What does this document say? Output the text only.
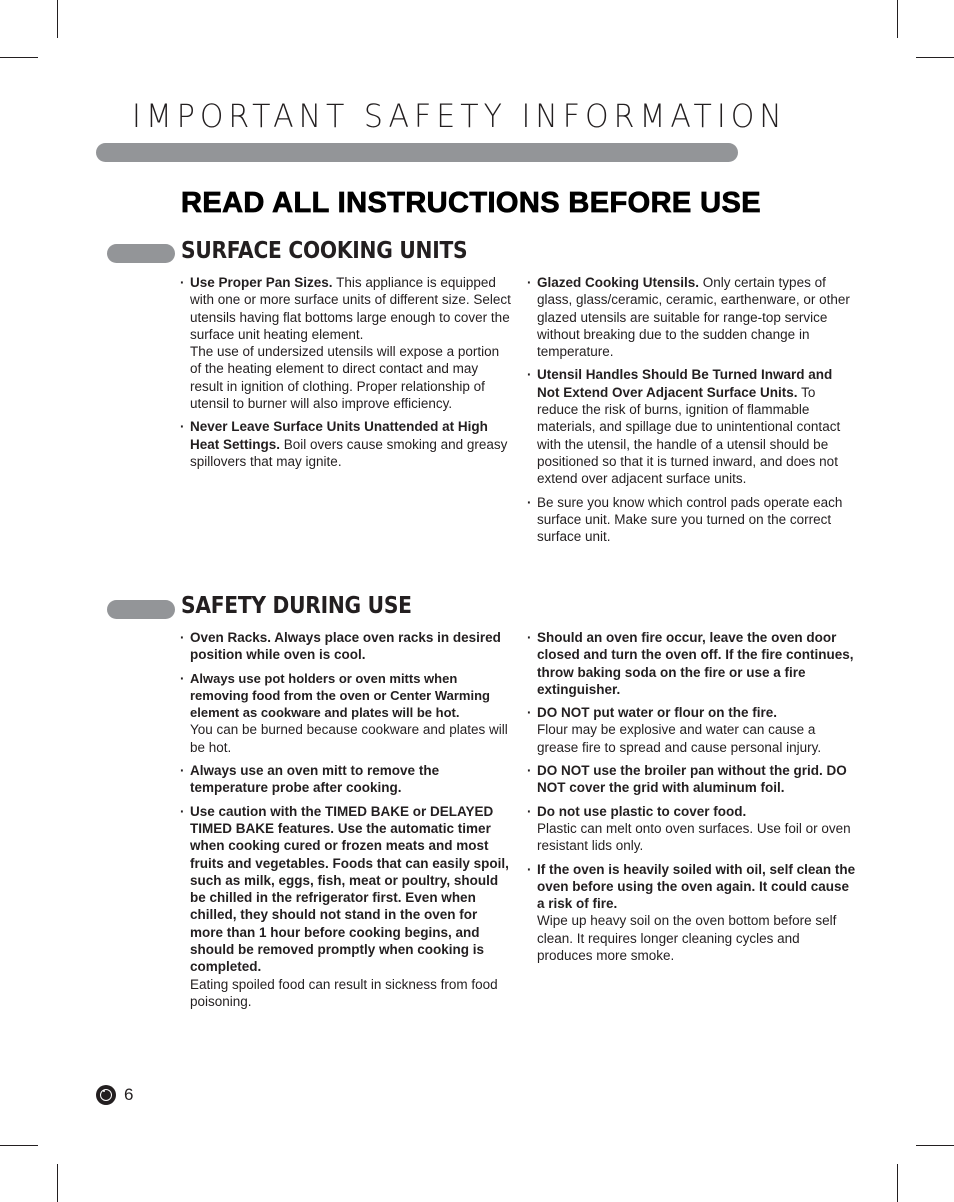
IMPORTANT SAFETY INFORMATION
READ ALL INSTRUCTIONS BEFORE USE
SURFACE COOKING UNITS
· Use Proper Pan Sizes. This appliance is equipped with one or more surface units of different size. Select utensils having flat bottoms large enough to cover the surface unit heating element.
The use of undersized utensils will expose a portion of the heating element to direct contact and may result in ignition of clothing. Proper relationship of utensil to burner will also improve efficiency.
· Never Leave Surface Units Unattended at High Heat Settings. Boil overs cause smoking and greasy spillovers that may ignite.
· Glazed Cooking Utensils. Only certain types of glass, glass/ceramic, ceramic, earthenware, or other glazed utensils are suitable for range-top service without breaking due to the sudden change in temperature.
· Utensil Handles Should Be Turned Inward and Not Extend Over Adjacent Surface Units. To reduce the risk of burns, ignition of flammable materials, and spillage due to unintentional contact with the utensil, the handle of a utensil should be positioned so that it is turned inward, and does not extend over adjacent surface units.
· Be sure you know which control pads operate each surface unit. Make sure you turned on the correct surface unit.
SAFETY DURING USE
· Oven Racks. Always place oven racks in desired position while oven is cool.
· Always use pot holders or oven mitts when removing food from the oven or Center Warming element as cookware and plates will be hot.
You can be burned because cookware and plates will be hot.
· Always use an oven mitt to remove the temperature probe after cooking.
· Use caution with the TIMED BAKE or DELAYED TIMED BAKE features. Use the automatic timer when cooking cured or frozen meats and most fruits and vegetables. Foods that can easily spoil, such as milk, eggs, fish, meat or poultry, should be chilled in the refrigerator first. Even when chilled, they should not stand in the oven for more than 1 hour before cooking begins, and should be removed promptly when cooking is completed.
Eating spoiled food can result in sickness from food poisoning.
· Should an oven fire occur, leave the oven door closed and turn the oven off. If the fire continues, throw baking soda on the fire or use a fire extinguisher.
· DO NOT put water or flour on the fire.
Flour may be explosive and water can cause a grease fire to spread and cause personal injury.
· DO NOT use the broiler pan without the grid. DO NOT cover the grid with aluminum foil.
· Do not use plastic to cover food.
Plastic can melt onto oven surfaces. Use foil or oven resistant lids only.
· If the oven is heavily soiled with oil, self clean the oven before using the oven again. It could cause a risk of fire.
Wipe up heavy soil on the oven bottom before self clean. It requires longer cleaning cycles and produces more smoke.
6
